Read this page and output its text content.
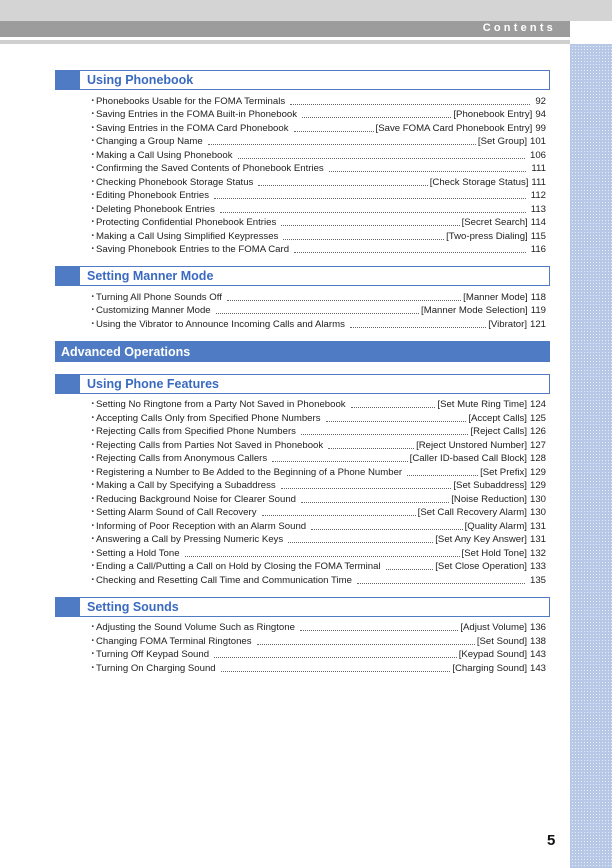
Contents
Using Phonebook
・
Phonebooks Usable for the FOMA Terminals	92
・
Saving Entries in the FOMA Built-in Phonebook	[Phonebook Entry] 94
・
Saving Entries in the FOMA Card Phonebook	[Save FOMA Card Phonebook Entry] 99
・
Changing a Group Name	[Set Group] 101
・
Making a Call Using Phonebook	106
・
Confirming the Saved Contents of Phonebook Entries	111
・
Checking Phonebook Storage Status	[Check Storage Status] 111
・
Editing Phonebook Entries	112
・
Deleting Phonebook Entries	113
・
Protecting Confidential Phonebook Entries	[Secret Search] 114
・
Making a Call Using Simplified Keypresses	[Two-press Dialing] 115
・
Saving Phonebook Entries to the FOMA Card	116
Setting Manner Mode
・
Turning All Phone Sounds Off	[Manner Mode] 118
・
Customizing Manner Mode	[Manner Mode Selection] 119
・
Using the Vibrator to Announce Incoming Calls and Alarms	[Vibrator] 121
Advanced Operations
Using Phone Features
・
Setting No Ringtone from a Party Not Saved in Phonebook	[Set Mute Ring Time] 124
・
Accepting Calls Only from Specified Phone Numbers	[Accept Calls] 125
・
Rejecting Calls from Specified Phone Numbers	[Reject Calls] 126
・
Rejecting Calls from Parties Not Saved in Phonebook	[Reject Unstored Number] 127
・
Rejecting Calls from Anonymous Callers	[Caller ID-based Call Block] 128
・
Registering a Number to Be Added to the Beginning of a Phone Number	[Set Prefix] 129
・
Making a Call by Specifying a Subaddress	[Set Subaddress] 129
・
Reducing Background Noise for Clearer Sound	[Noise Reduction] 130
・
Setting Alarm Sound of Call Recovery	[Set Call Recovery Alarm] 130
・
Informing of Poor Reception with an Alarm Sound	[Quality Alarm] 131
・
Answering a Call by Pressing Numeric Keys	[Set Any Key Answer] 131
・
Setting a Hold Tone	[Set Hold Tone] 132
・
Ending a Call/Putting a Call on Hold by Closing the FOMA Terminal	[Set Close Operation] 133
・
Checking and Resetting Call Time and Communication Time	135
Setting Sounds
・
Adjusting the Sound Volume Such as Ringtone	[Adjust Volume] 136
・
Changing FOMA Terminal Ringtones	[Set Sound] 138
・
Turning Off Keypad Sound	[Keypad Sound] 143
・
Turning On Charging Sound	[Charging Sound] 143
5
